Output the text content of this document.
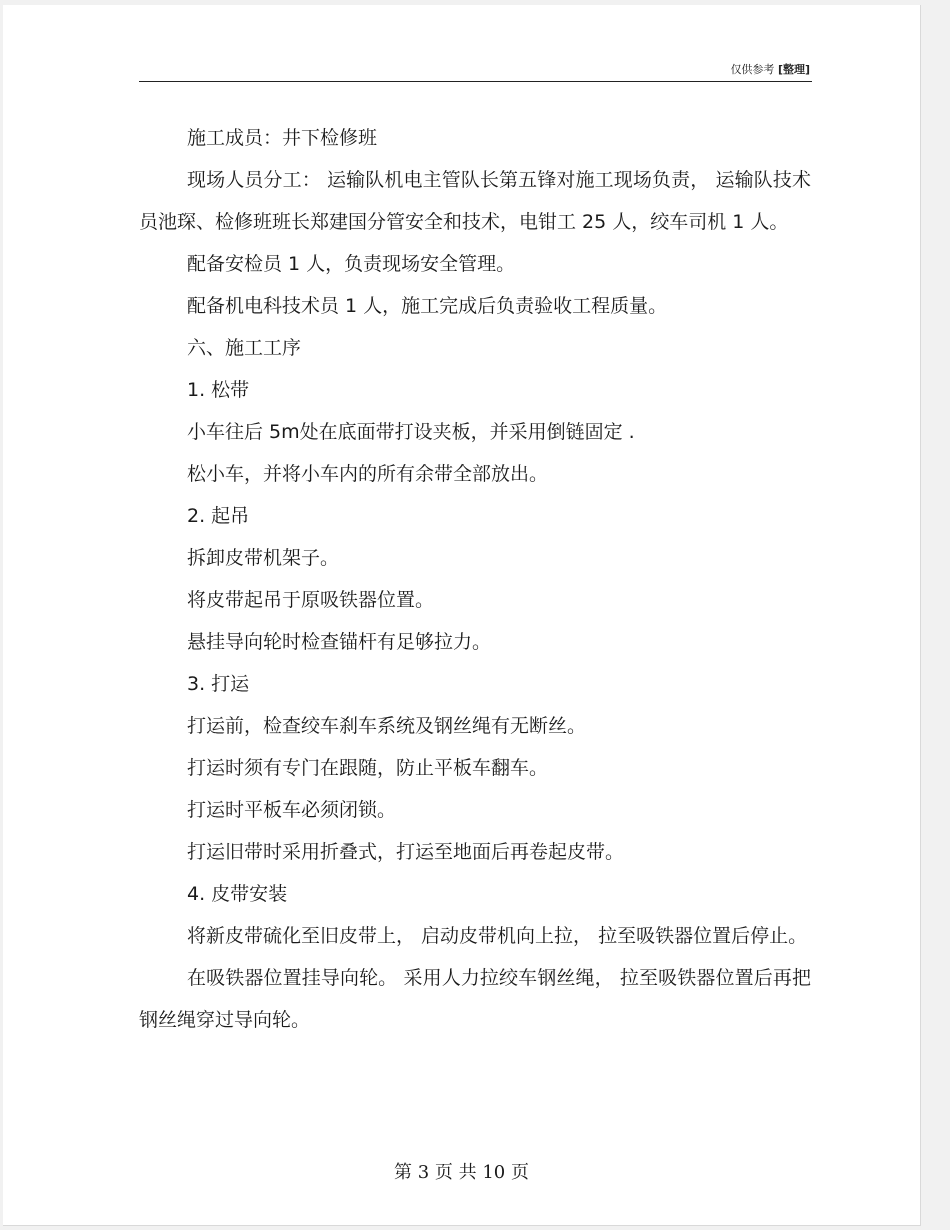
仅供参考 [整理]

施工成员：井下检修班

现场人员分工： 运输队机电主管队长第五锋对施工现场负责， 运输队技术员池琛、检修班班长郑建国分管安全和技术，电钳工 25 人，绞车司机 1 人。

配备安检员 1 人，负责现场安全管理。

配备机电科技术员 1 人，施工完成后负责验收工程质量。

六、施工工序

1. 松带

小车往后 5m处在底面带打设夹板，并采用倒链固定 .

松小车，并将小车内的所有余带全部放出。

2. 起吊

拆卸皮带机架子。

将皮带起吊于原吸铁器位置。

悬挂导向轮时检查锚杆有足够拉力。

3. 打运

打运前，检查绞车刹车系统及钢丝绳有无断丝。

打运时须有专门在跟随，防止平板车翻车。

打运时平板车必须闭锁。

打运旧带时采用折叠式，打运至地面后再卷起皮带。

4. 皮带安装

将新皮带硫化至旧皮带上， 启动皮带机向上拉， 拉至吸铁器位置后停止。

在吸铁器位置挂导向轮。 采用人力拉绞车钢丝绳， 拉至吸铁器位置后再把钢丝绳穿过导向轮。

第 3 页 共 10 页
